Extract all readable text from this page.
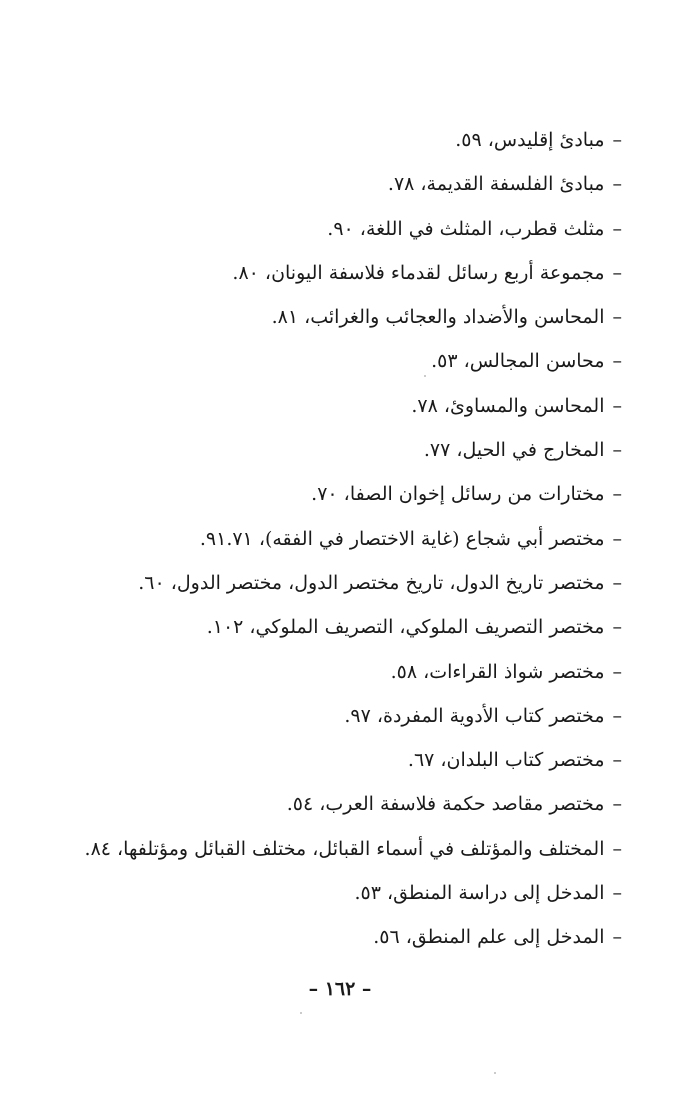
–مبادئ إقليدس، ٥٩.
–مبادئ الفلسفة القديمة، ٧٨.
–مثلث قطرب، المثلث في اللغة، ٩٠.
–مجموعة أربع رسائل لقدماء فلاسفة اليونان، ٨٠.
–المحاسن والأضداد والعجائب والغرائب، ٨١.
–محاسن المجالس، ٥٣.
–المحاسن والمساوئ، ٧٨.
–المخارج في الحيل، ٧٧.
–مختارات من رسائل إخوان الصفا، ٧٠.
–مختصر أبي شجاع (غاية الاختصار في الفقه)، ٩١.٧١.
–مختصر تاريخ الدول، تاريخ مختصر الدول، مختصر الدول، ٦٠.
–مختصر التصريف الملوكي، التصريف الملوكي، ١٠٢.
–مختصر شواذ القراءات، ٥٨.
–مختصر كتاب الأدوية المفردة، ٩٧.
–مختصر كتاب البلدان، ٦٧.
–مختصر مقاصد حكمة فلاسفة العرب، ٥٤.
–المختلف والمؤتلف في أسماء القبائل، مختلف القبائل ومؤتلفها، ٨٤.
–المدخل إلى دراسة المنطق، ٥٣.
–المدخل إلى علم المنطق، ٥٦.
– ١٦٢ –
